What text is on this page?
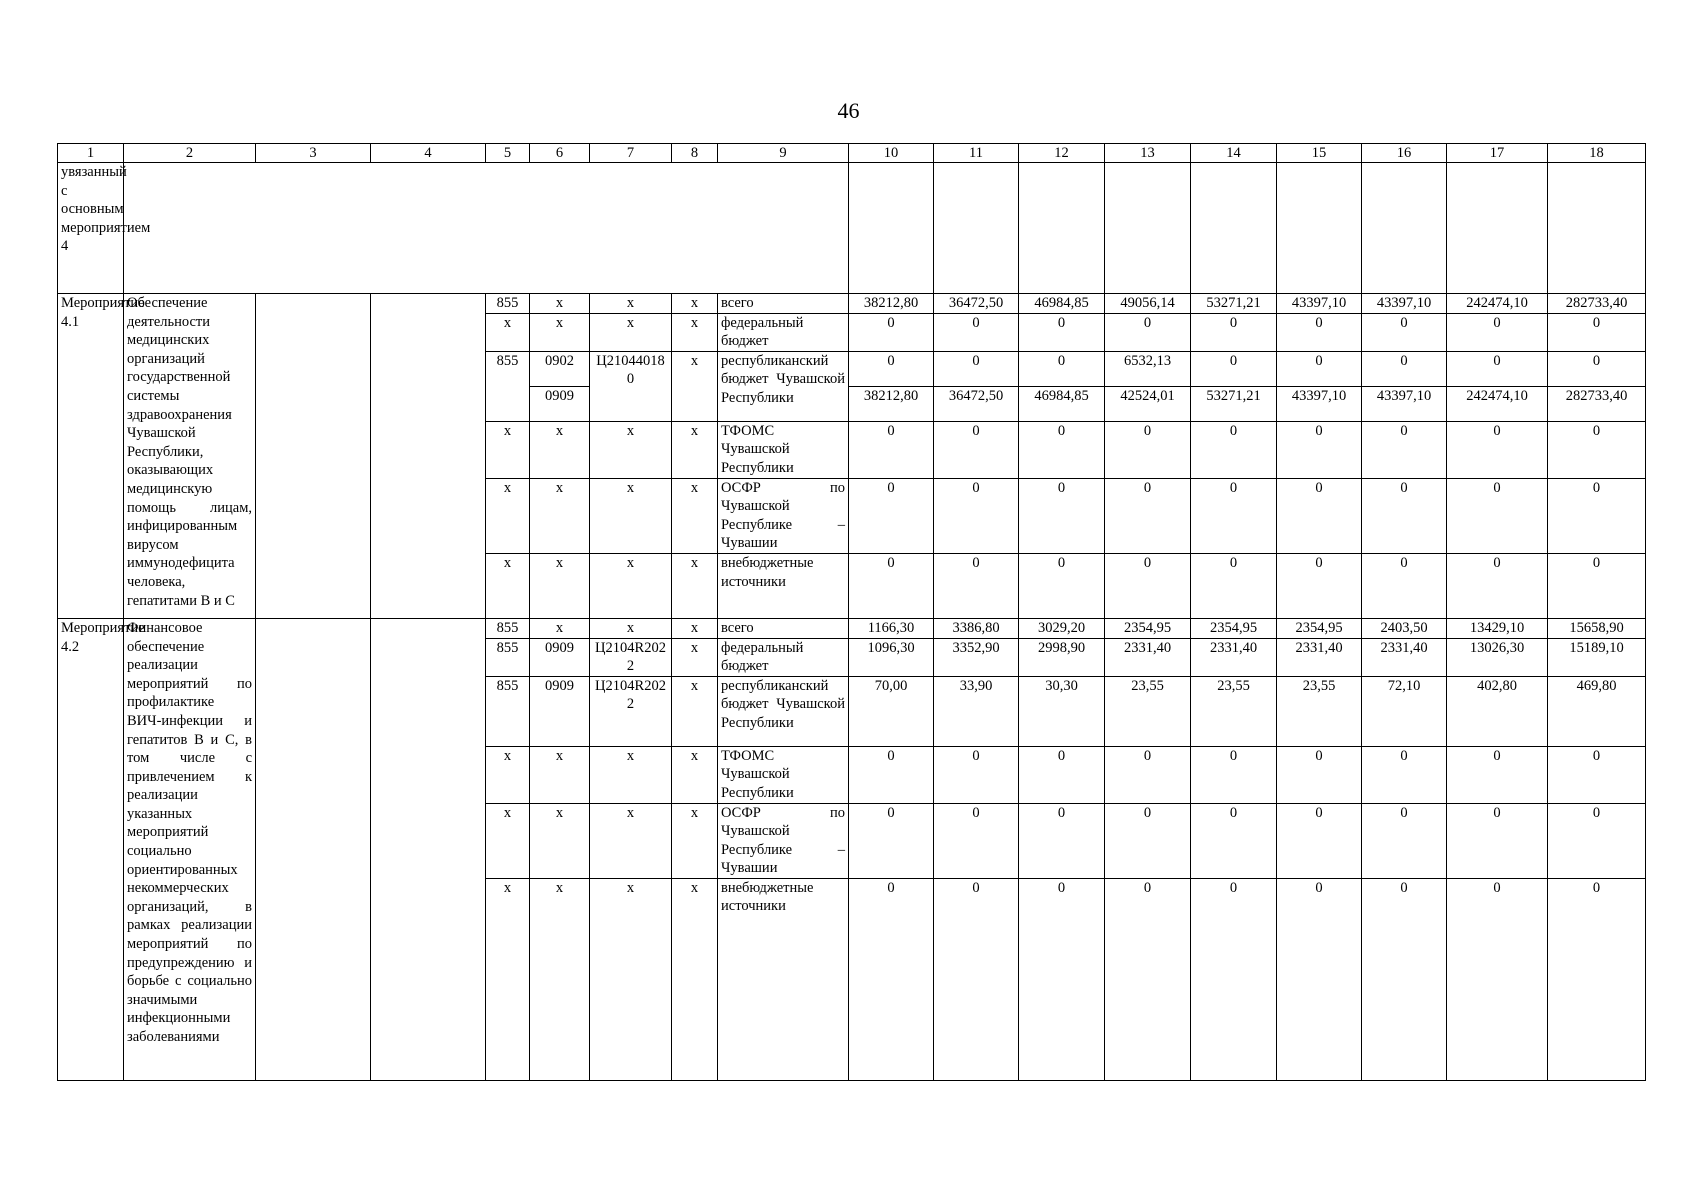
46
1	2	3	4	5	6	7	8	9	10	11	12	13	14	15	16	17	18
увязанный с основным мероприятием 4																	
Мероприятие 4.1	Обеспечение деятельности медицинских организаций государственной системы здравоохранения Чувашской Республики, оказывающих медицинскую помощь лицам, инфицированным вирусом иммунодефицита человека, гепатитами В и С			855	х	х	х	всего	38212,80	36472,50	46984,85	49056,14	53271,21	43397,10	43397,10	242474,10	282733,40
				х	х	х	х	федеральный бюджет	0	0	0	0	0	0	0	0	0
				855	0902	Ц210440180	х	республиканский бюджет Чувашской Республики	0	0	0	6532,13	0	0	0	0	0
					0909				38212,80	36472,50	46984,85	42524,01	53271,21	43397,10	43397,10	242474,10	282733,40
				х	х	х	х	ТФОМС Чувашской Республики	0	0	0	0	0	0	0	0	0
				х	х	х	х	ОСФР по Чувашской Республике – Чувашии	0	0	0	0	0	0	0	0	0
				х	х	х	х	внебюджетные источники	0	0	0	0	0	0	0	0	0
Мероприятие 4.2	Финансовое обеспечение реализации мероприятий по профилактике ВИЧ-инфекции и гепатитов В и С, в том числе с привлечением к реализации указанных мероприятий социально ориентированных некоммерческих организаций, в рамках реализации мероприятий по предупреждению и борьбе с социально значимыми инфекционными заболеваниями			855	х	х	х	всего	1166,30	3386,80	3029,20	2354,95	2354,95	2354,95	2403,50	13429,10	15658,90
				855	0909	Ц2104R2022	х	федеральный бюджет	1096,30	3352,90	2998,90	2331,40	2331,40	2331,40	2331,40	13026,30	15189,10
				855	0909	Ц2104R2022	х	республиканский бюджет Чувашской Республики	70,00	33,90	30,30	23,55	23,55	23,55	72,10	402,80	469,80
				х	х	х	х	ТФОМС Чувашской Республики	0	0	0	0	0	0	0	0	0
				х	х	х	х	ОСФР по Чувашской Республике – Чувашии	0	0	0	0	0	0	0	0	0
				х	х	х	х	внебюджетные источники	0	0	0	0	0	0	0	0	0
